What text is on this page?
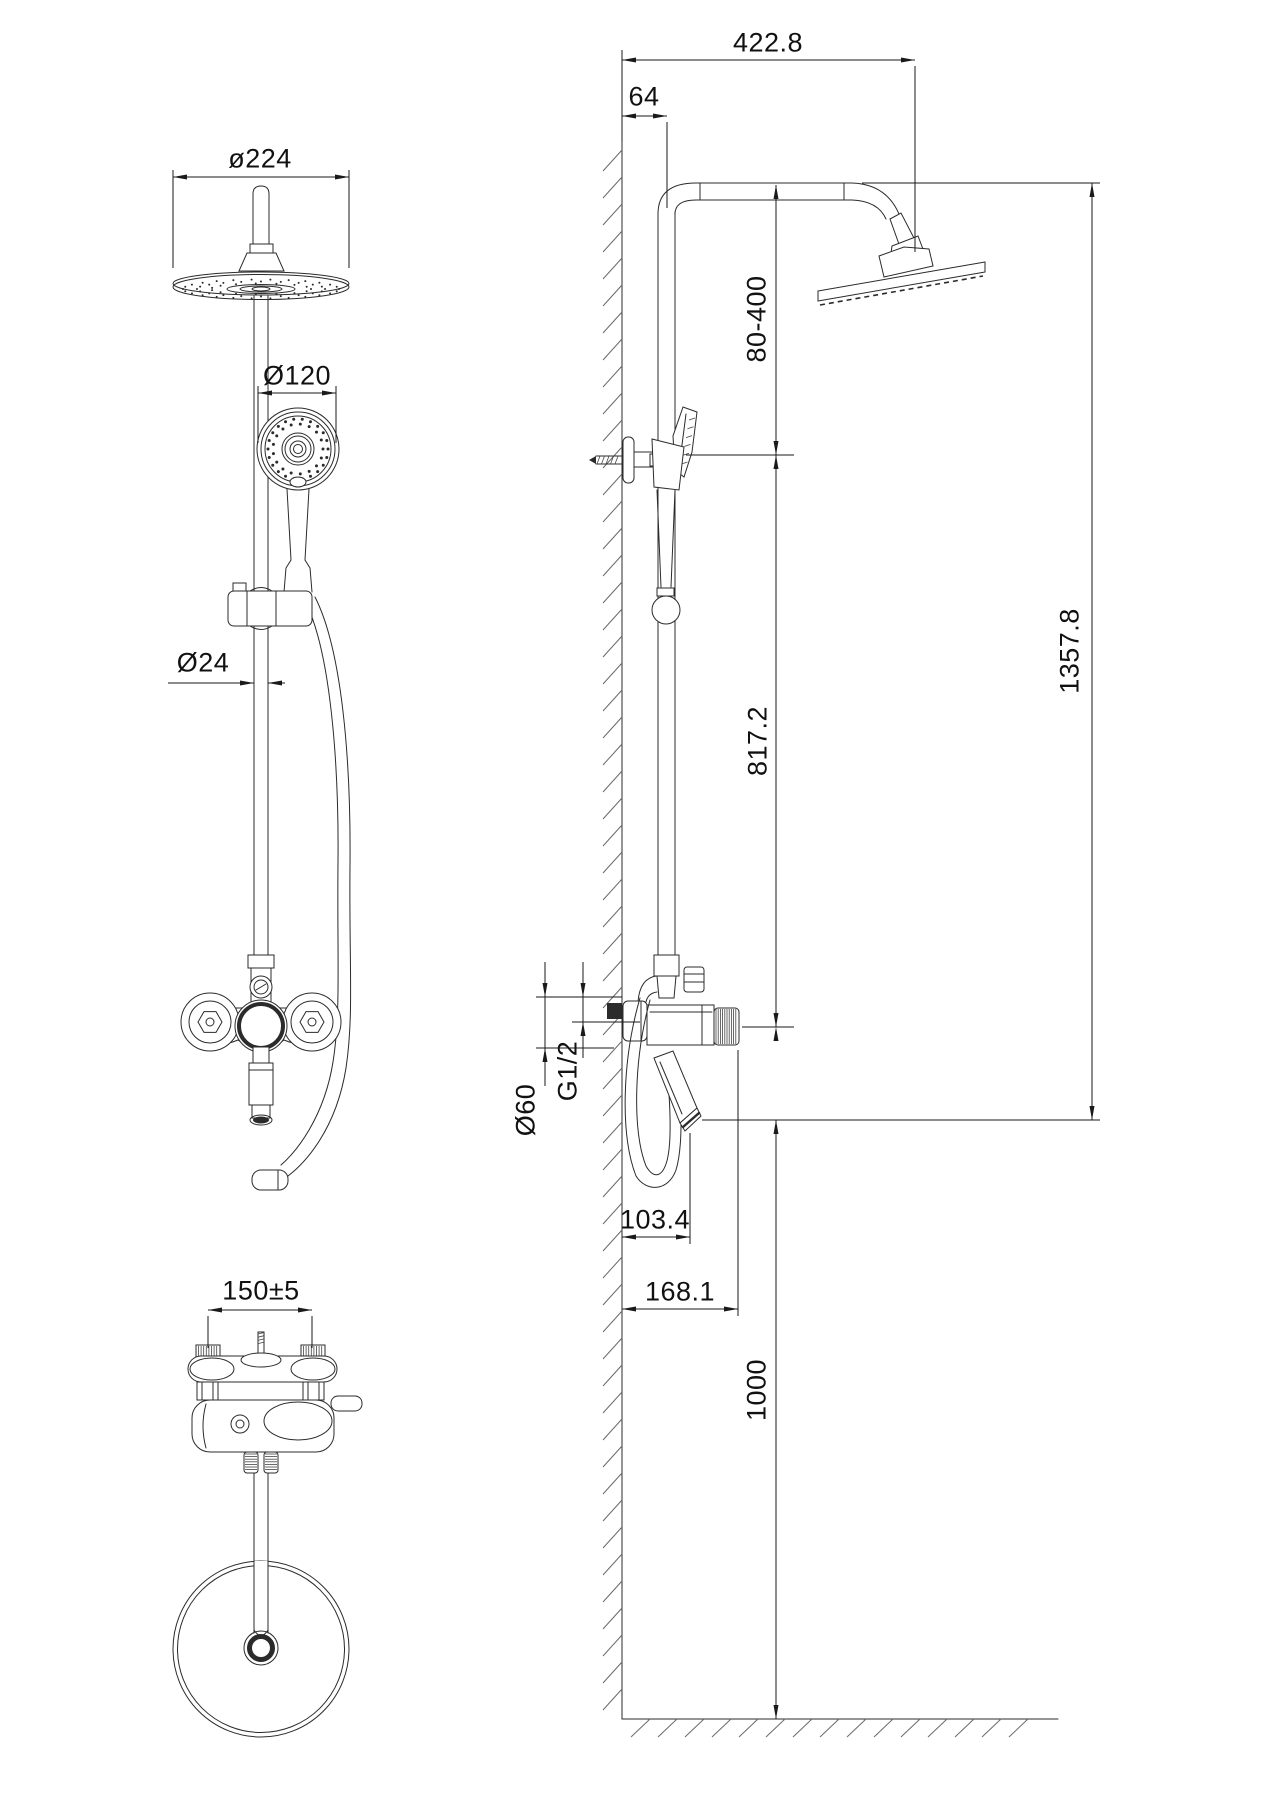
ø224
Ø120
Ø24
150±5
422.8
64
80-400
817.2
1357.8
1000
G1/2
Ø60
103.4
168.1
